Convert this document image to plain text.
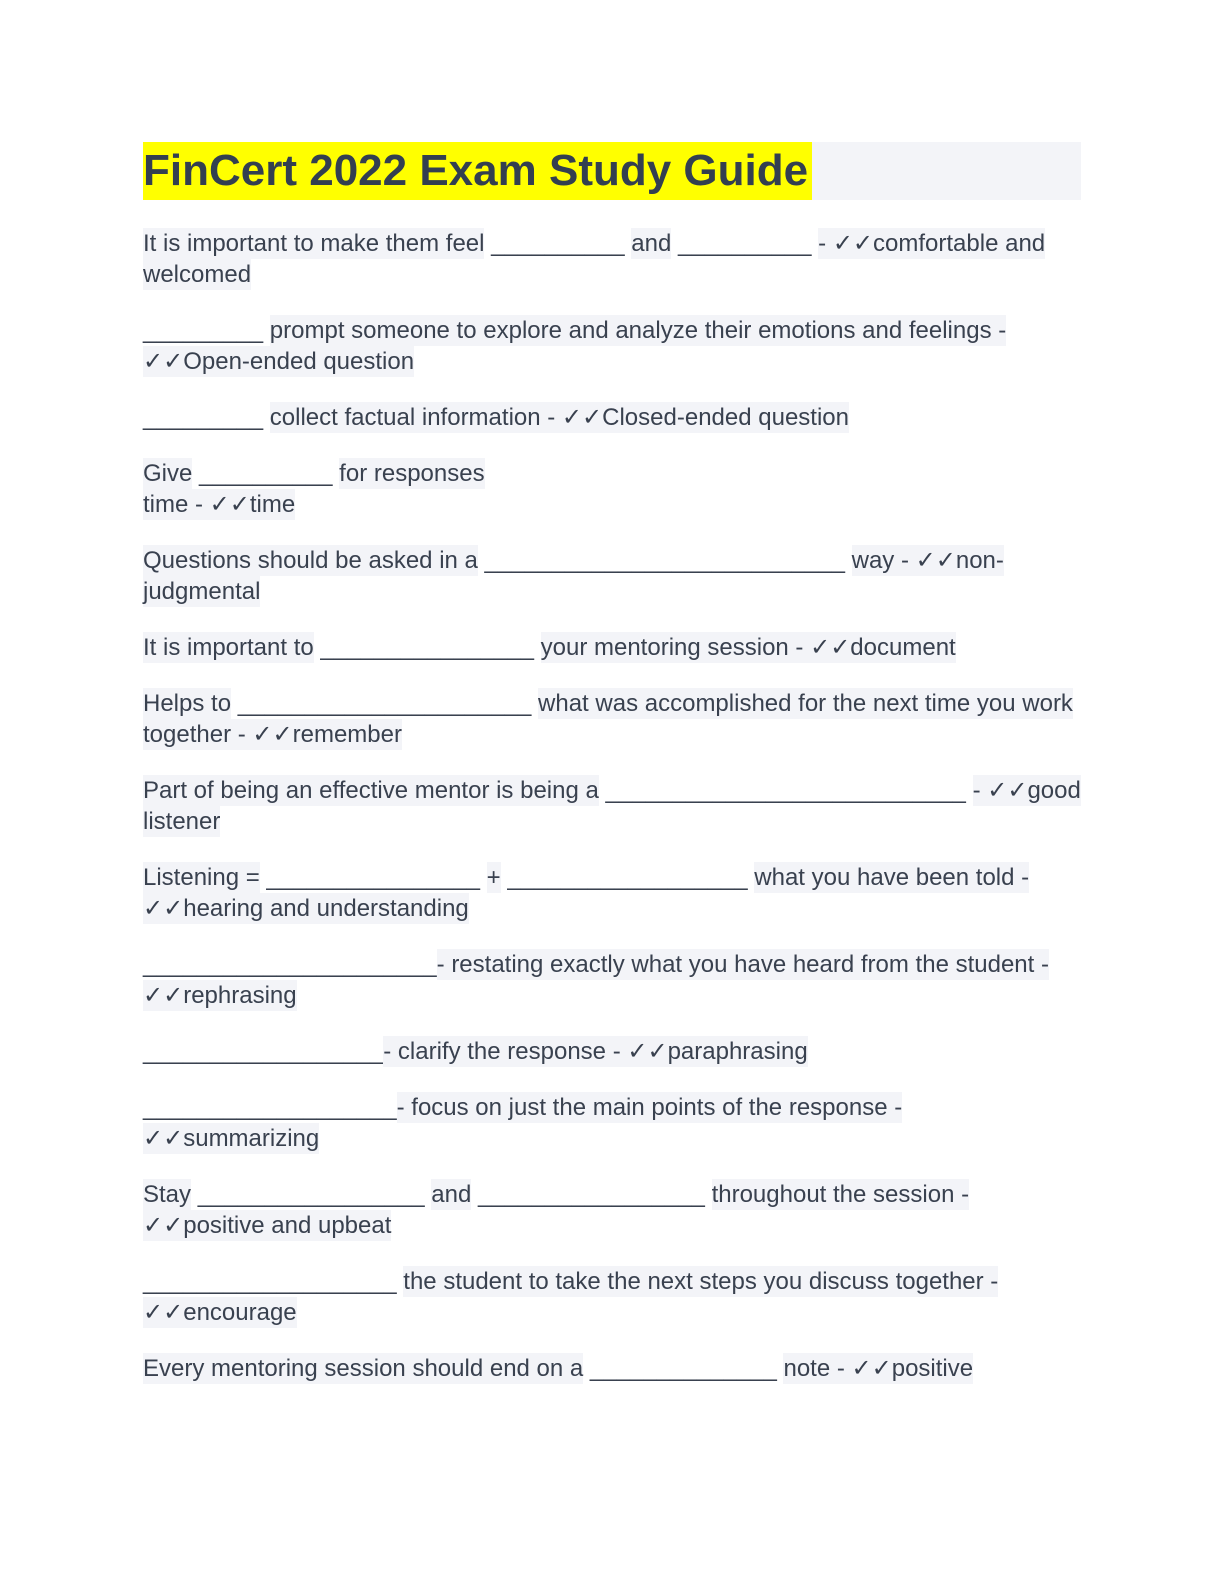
FinCert 2022 Exam Study Guide

It is important to make them feel __________ and __________ - ✓✓comfortable and welcomed

_________ prompt someone to explore and analyze their emotions and feelings - ✓✓Open-ended question

_________ collect factual information - ✓✓Closed-ended question

Give __________ for responses
time - ✓✓time

Questions should be asked in a ___________________________ way - ✓✓non-judgmental

It is important to ________________ your mentoring session - ✓✓document

Helps to ______________________ what was accomplished for the next time you work together - ✓✓remember

Part of being an effective mentor is being a ___________________________ - ✓✓good listener

Listening = ________________ + __________________ what you have been told - ✓✓hearing and understanding

______________________- restating exactly what you have heard from the student - ✓✓rephrasing

__________________- clarify the response - ✓✓paraphrasing

___________________- focus on just the main points of the response - ✓✓summarizing

Stay _________________ and _________________ throughout the session - ✓✓positive and upbeat

___________________ the student to take the next steps you discuss together - ✓✓encourage

Every mentoring session should end on a ______________ note - ✓✓positive
